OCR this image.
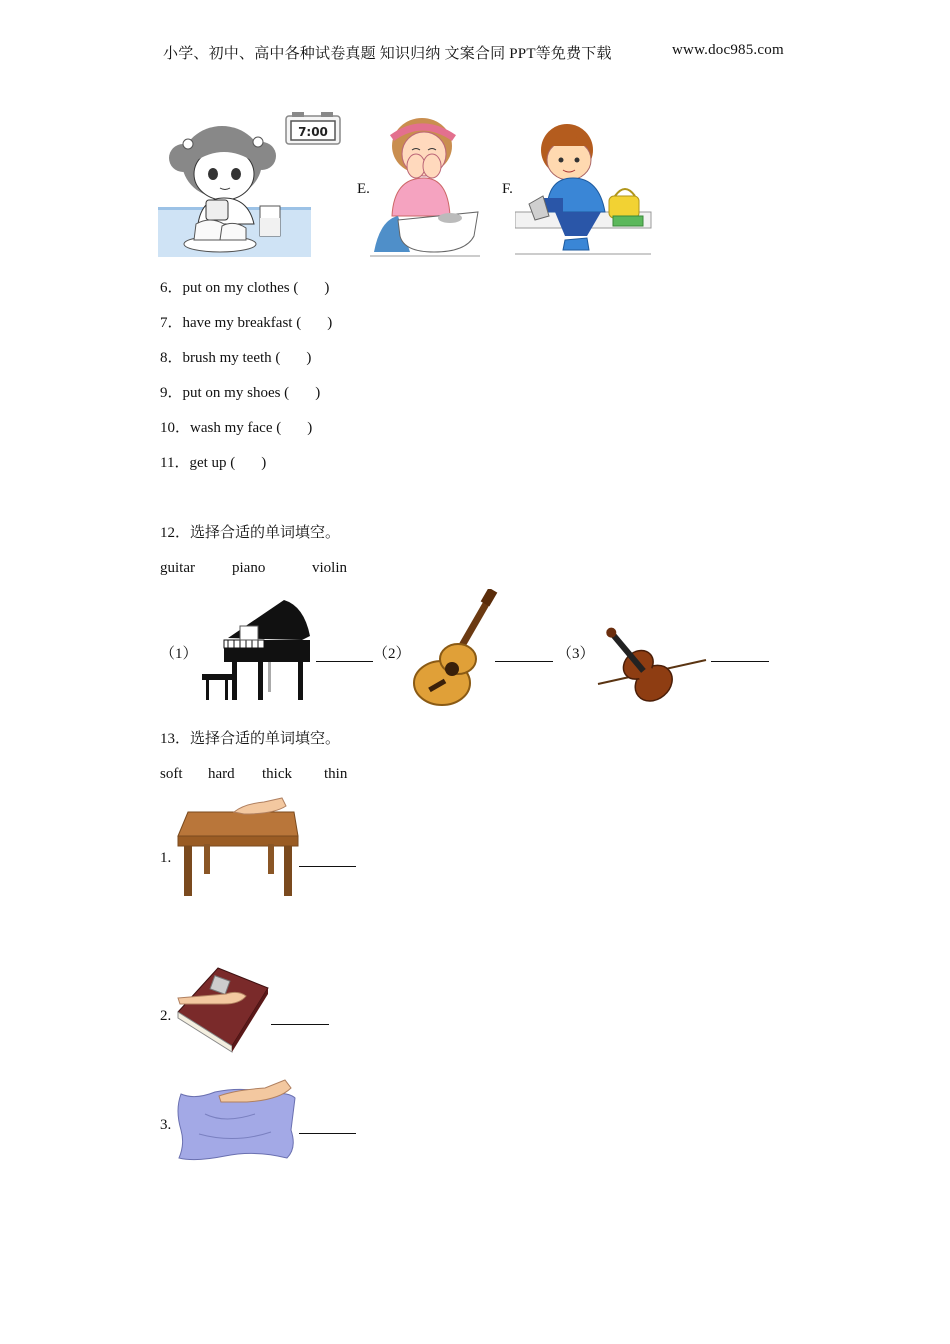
小学、初中、高中各种试卷真题 知识归纳 文案合同 PPT等免费下载	www.doc985.com
7:00
E.	F.
6．put on my clothes ( )
7．have my breakfast ( )
8．brush my teeth ( )
9．put on my shoes ( )
10．wash my face ( )
11．get up ( )
12．选择合适的单词填空。
guitar piano	violin
（1）	（2）	（3）
13．选择合适的单词填空。
soft hard thick thin
1.
2.
3.
